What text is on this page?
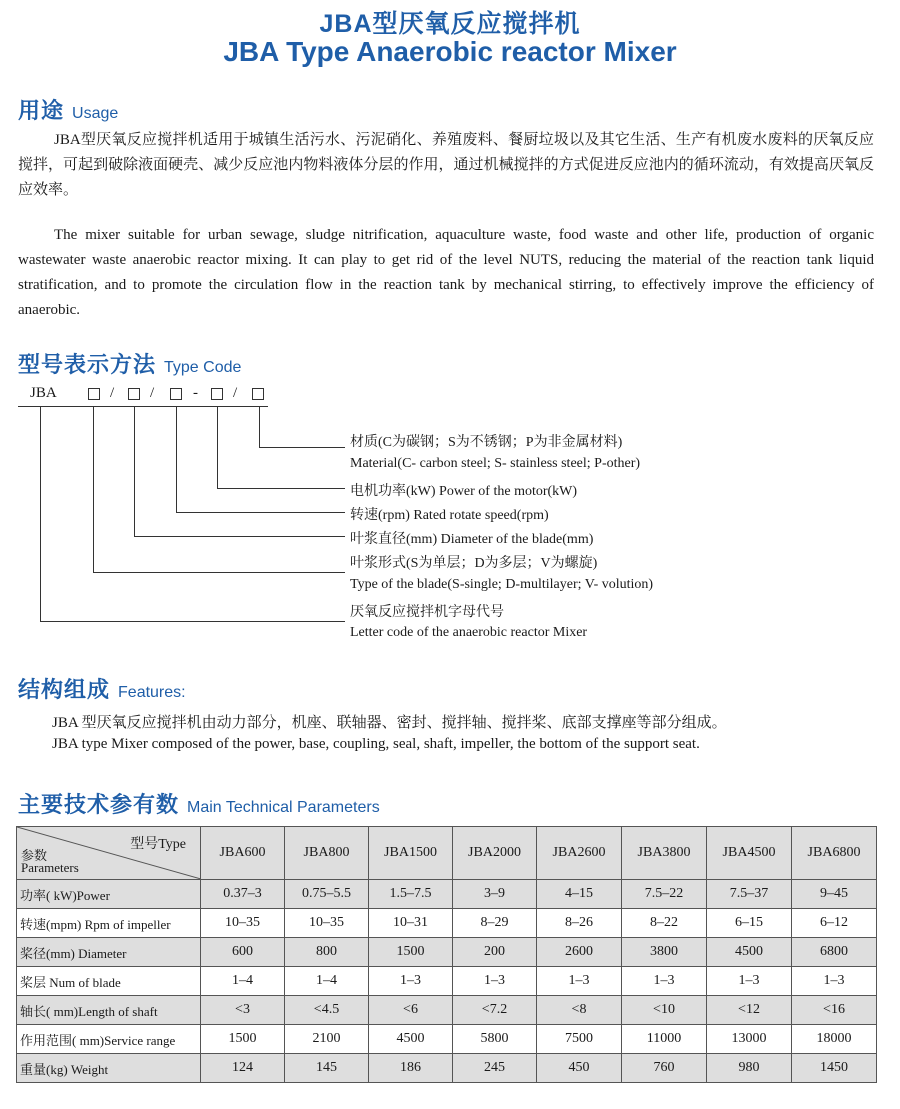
JBA型厌氧反应搅拌机
JBA Type Anaerobic reactor Mixer
用途 Usage
JBA型厌氧反应搅拌机适用于城镇生活污水、污泥硝化、养殖废料、餐厨垃圾以及其它生活、生产有机废水废料的厌氧反应搅拌，可起到破除液面硬壳、减少反应池内物料液体分层的作用，通过机械搅拌的方式促进反应池内的循环流动，有效提高厌氧反应效率。
The mixer suitable for urban sewage, sludge nitrification, aquaculture waste, food waste and other life, production of organic wastewater waste anaerobic reactor mixing. It can play to get rid of the level NUTS, reducing the material of the reaction tank liquid stratification, and to promote the circulation flow in the reaction tank by mechanical stirring, to effectively improve the efficiency of anaerobic.
型号表示方法 Type Code
JBA	/ /	- /
材质(C为碳钢；S为不锈钢；P为非金属材料)
Material(C- carbon steel; S- stainless steel; P-other)
电机功率(kW) Power of the motor(kW)
转速(rpm) Rated rotate speed(rpm)
叶浆直径(mm) Diameter of the blade(mm)
叶浆形式(S为单层；D为多层；V为螺旋)
Type of the blade(S-single; D-multilayer; V- volution)
厌氧反应搅拌机字母代号
Letter code of the anaerobic reactor Mixer
结构组成 Features:
JBA 型厌氧反应搅拌机由动力部分，机座、联轴器、密封、搅拌轴、搅拌桨、底部支撑座等部分组成。
JBA type Mixer composed of the power, base, coupling, seal, shaft, impeller, the bottom of the support seat.
主要技术参有数 Main Technical Parameters
型号Type
参数
Parameters	JBA600	JBA800	JBA1500	JBA2000	JBA2600	JBA3800	JBA4500	JBA6800
功率( kW)Power	0.37–3	0.75–5.5	1.5–7.5	3–9	4–15	7.5–22	7.5–37	9–45
转速(mpm) Rpm of impeller	10–35	10–35	10–31	8–29	8–26	8–22	6–15	6–12
桨径(mm) Diameter	600	800	1500	200	2600	3800	4500	6800
桨层 Num of blade	1–4	1–4	1–3	1–3	1–3	1–3	1–3	1–3
轴长( mm)Length of shaft	<3	<4.5	<6	<7.2	<8	<10	<12	<16
作用范围( mm)Service range	1500	2100	4500	5800	7500	11000	13000	18000
重量(kg) Weight	124	145	186	245	450	760	980	1450
